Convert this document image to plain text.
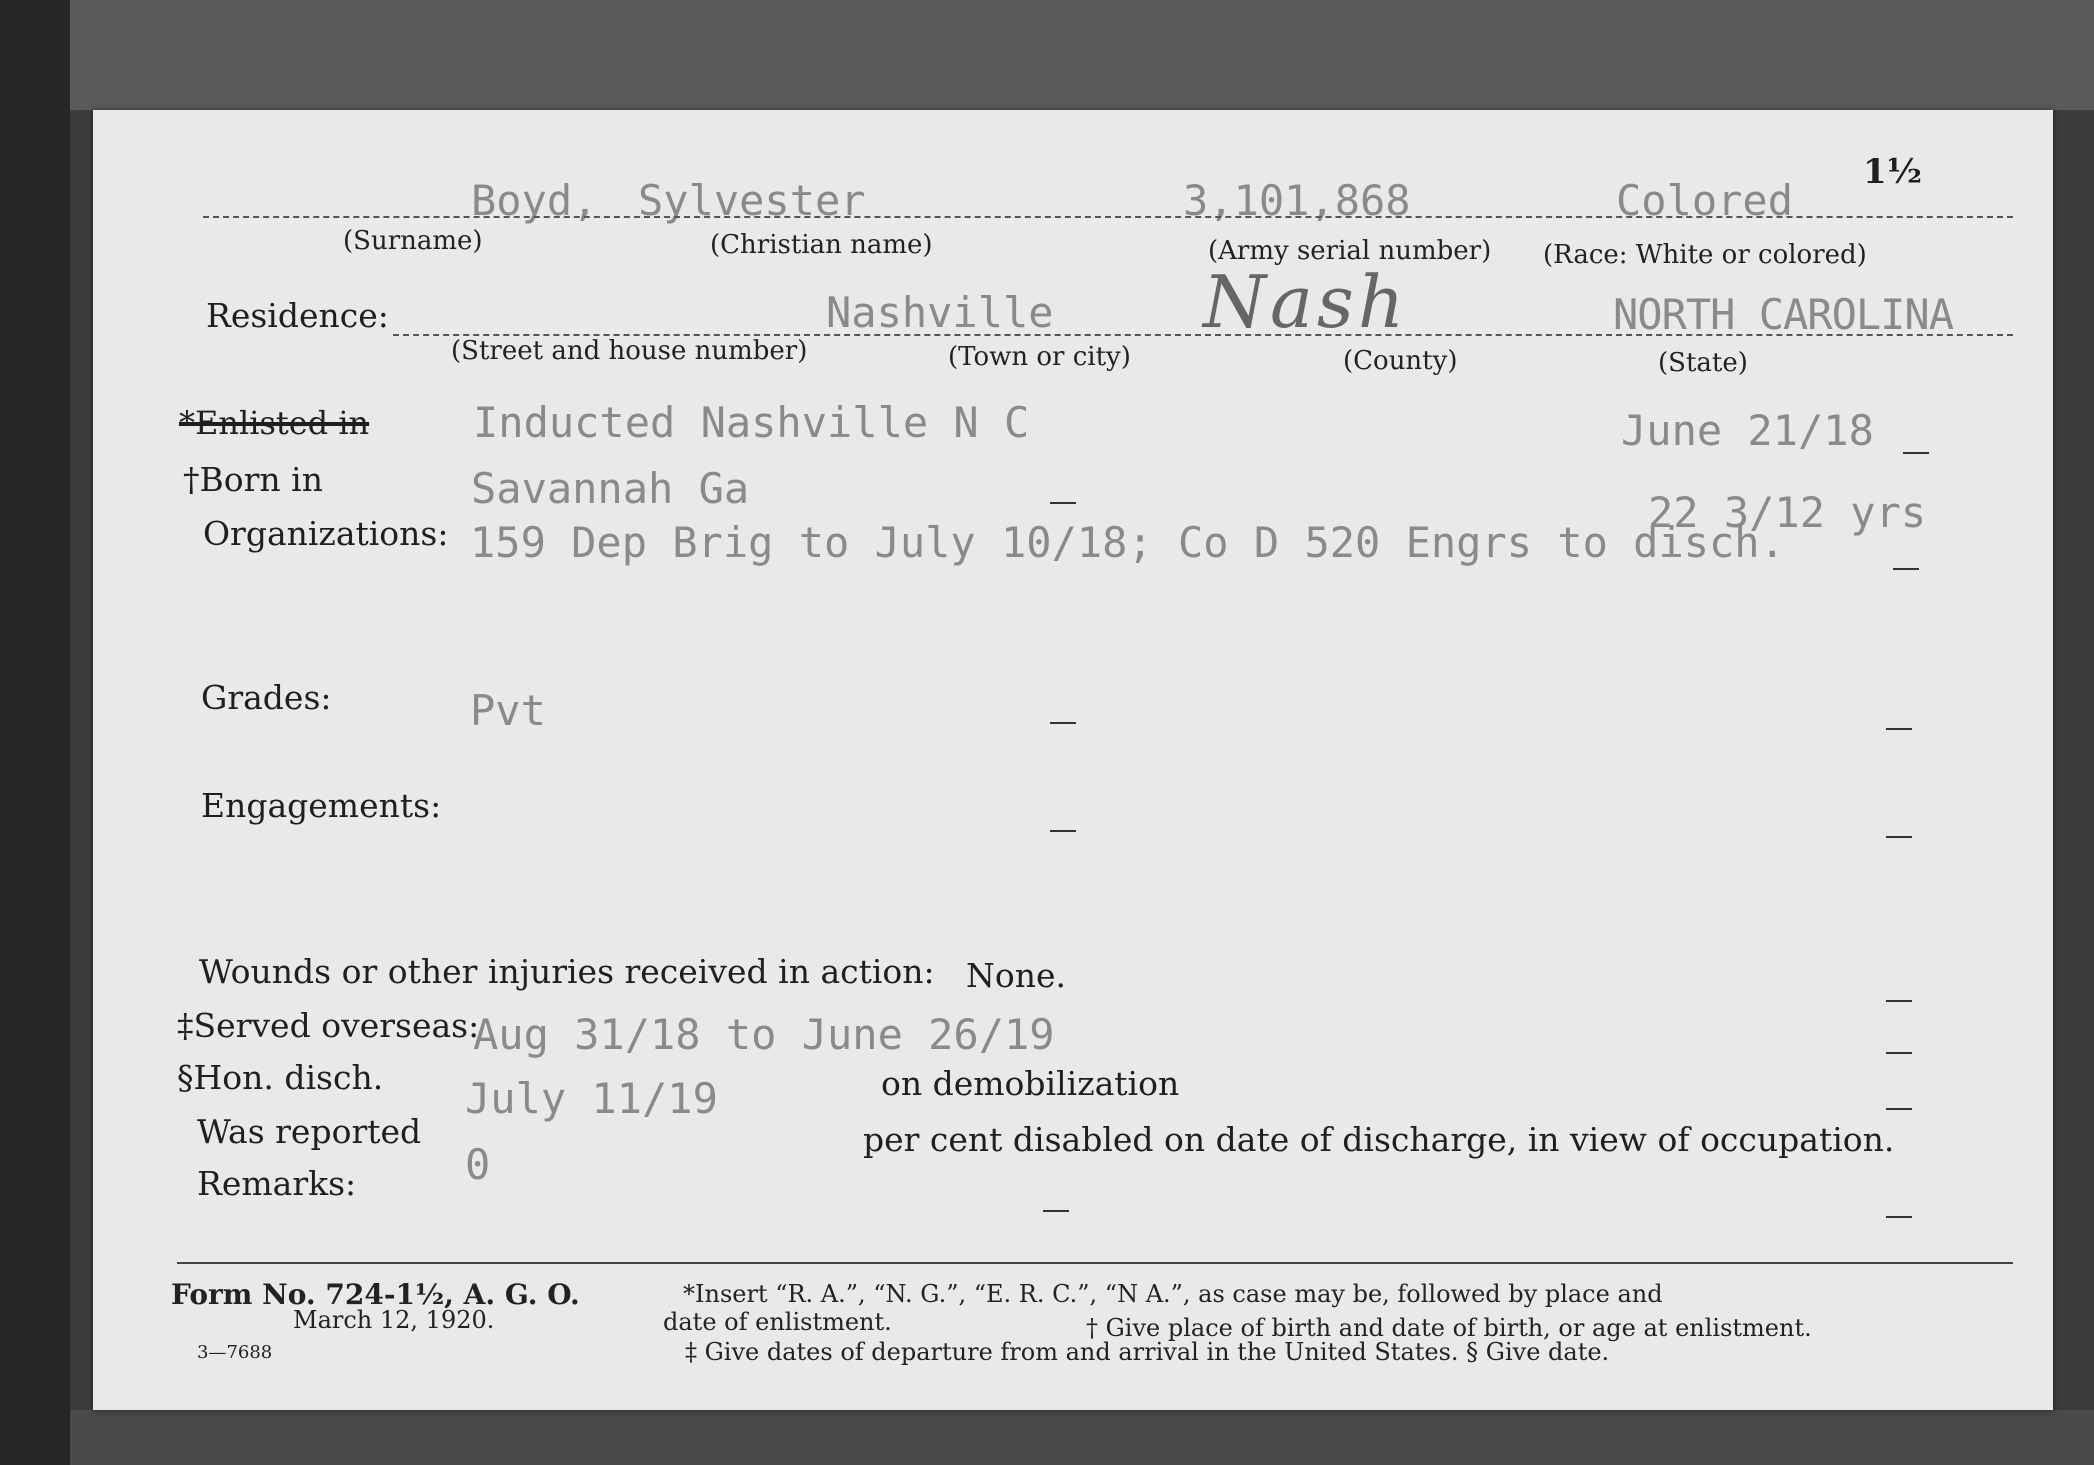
1½
Boyd, Sylvester	3,101,868	Colored
(Surname)	(Christian name)	(Army serial number) (Race: White or colored)
Residence:	Nashville Nash	NORTH CAROLINA
(Street and house number)	(Town or city)	(County)	(State)
*Enlisted in Inducted Nashville N C	June 21/18
†Born in	Savannah Ga	22 3/12 yrs
Organizations: 159 Dep Brig to July 10/18; Co D 520 Engrs to disch.
Grades:	Pvt
Engagements:
Wounds or other injuries received in action: None.
‡Served overseas:
Aug 31/18 to June 26/19
§Hon. disch. July 11/19	on demobilization
Was reported
0
per cent disabled on date of discharge, in view of occupation.
Remarks:
Form No. 724-1½, A. G. O.
March 12, 1920.
3—7688
*Insert “R. A.”, “N. G.”, “E. R. C.”, “N A.”, as case may be, followed by place and
date of enlistment.	† Give place of birth and date of birth, or age at enlistment.
‡ Give dates of departure from and arrival in the United States. § Give date.
